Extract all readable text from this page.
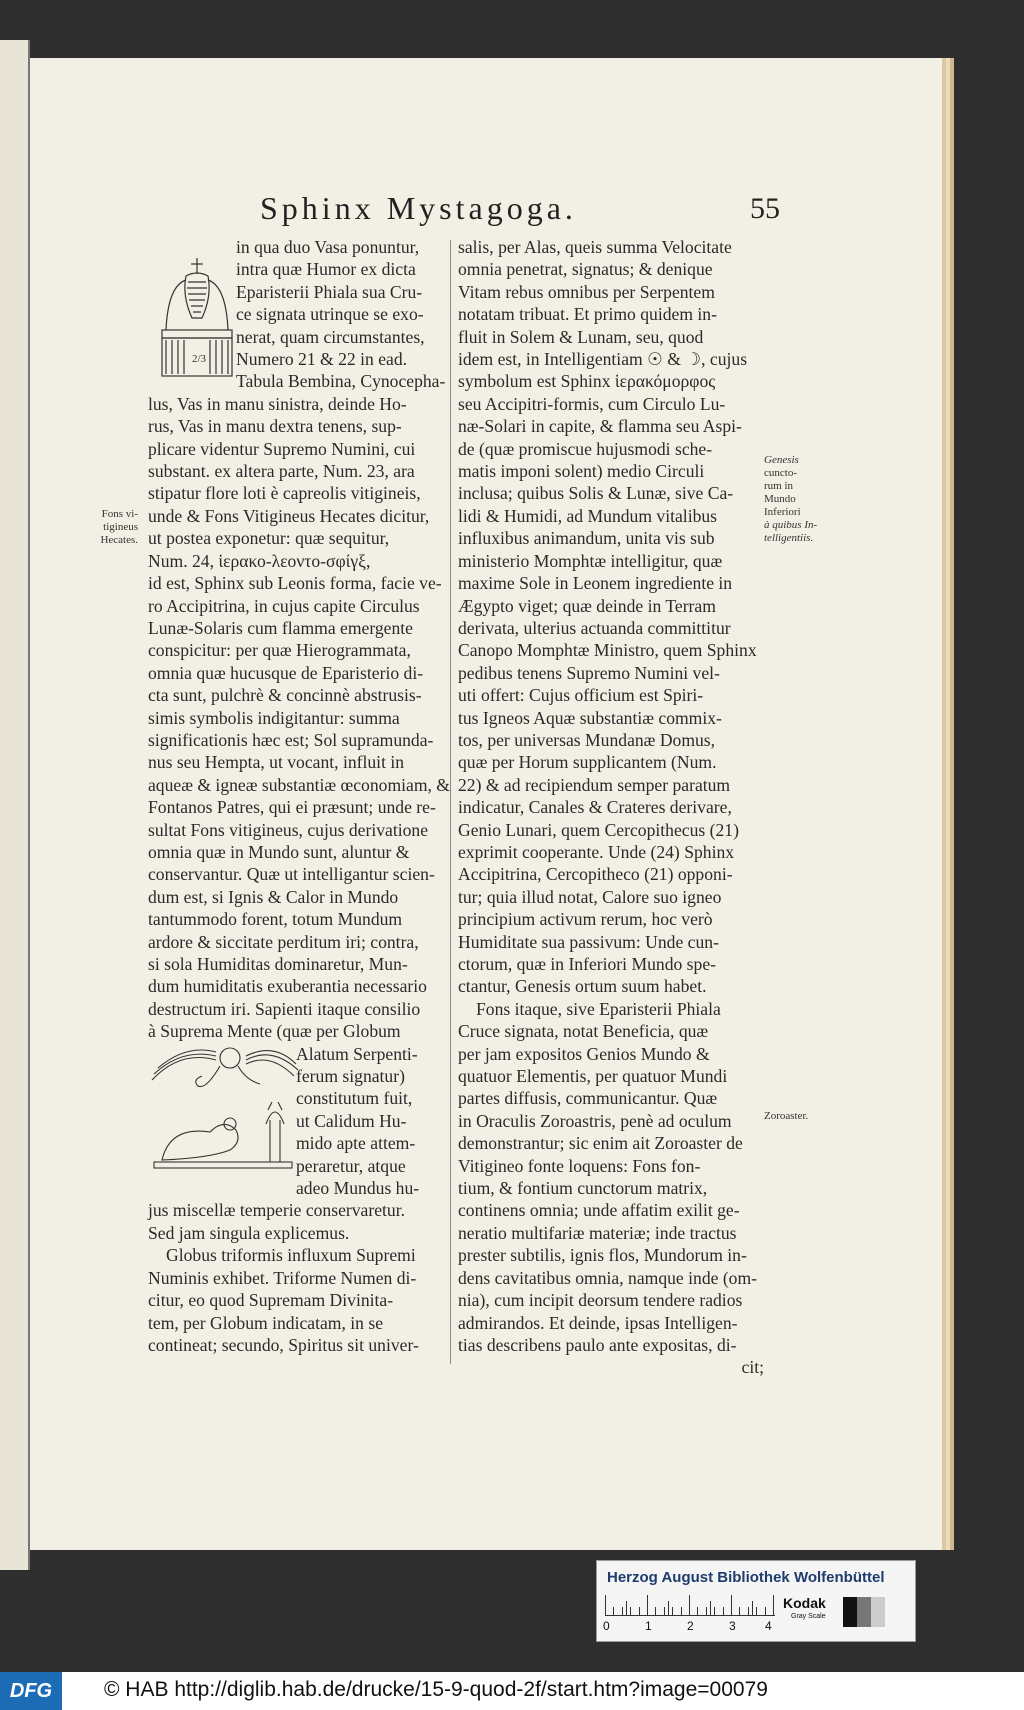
Sphinx Mystagoga.	55
2/3

in qua duo Vasa ponuntur,

intra quæ Humor ex dicta

Eparisterii Phiala sua Cru-

ce signata utrinque se exo-

nerat, quam circumstantes,

Numero 21 & 22 in ead.

Tabula Bembina, Cynocepha-

lus, Vas in manu sinistra, deinde Ho-

rus, Vas in manu dextra tenens, sup-

plicare videntur Supremo Numini, cui

substant. ex altera parte, Num. 23, ara

stipatur flore loti è capreolis vitigineis,

unde & Fons Vitigineus Hecates dicitur,

ut postea exponetur: quæ sequitur,

Num. 24, ἱερακο-λεοντο-σφίγξ,

id est, Sphinx sub Leonis forma, facie ve-

ro Accipitrina, in cujus capite Circulus

Lunæ-Solaris cum flamma emergente

conspicitur: per quæ Hierogrammata,

omnia quæ hucusque de Eparisterio di-

cta sunt, pulchrè & concinnè abstrusis-

simis symbolis indigitantur: summa

significationis hæc est; Sol supramunda-

nus seu Hempta, ut vocant, influit in

aqueæ & igneæ substantiæ œconomiam, &

Fontanos Patres, qui ei præsunt; unde re-

sultat Fons vitigineus, cujus derivatione

omnia quæ in Mundo sunt, aluntur &

conservantur. Quæ ut intelligantur scien-

dum est, si Ignis & Calor in Mundo

tantummodo forent, totum Mundum

ardore & siccitate perditum iri; contra,

si sola Humiditas dominaretur, Mun-

dum humiditatis exuberantia necessario

destructum iri. Sapienti itaque consilio

à Suprema Mente (quæ per Globum

Alatum Serpenti-

ferum signatur)

constitutum fuit,

ut Calidum Hu-

mido apte attem-

peraretur, atque

adeo Mundus hu-

jus miscellæ temperie conservaretur.

Sed jam singula explicemus.

Globus triformis influxum Supremi

Numinis exhibet. Triforme Numen di-

citur, eo quod Supremam Divinita-

tem, per Globum indicatam, in se

contineat; secundo, Spiritus sit univer-

salis, per Alas, queis summa Velocitate

omnia penetrat, signatus; & denique

Vitam rebus omnibus per Serpentem

notatam tribuat. Et primo quidem in-

fluit in Solem & Lunam, seu, quod

idem est, in Intelligentiam ☉ & ☽, cujus

symbolum est Sphinx ἱερακόμορφος

seu Accipitri-formis, cum Circulo Lu-

næ-Solari in capite, & flamma seu Aspi-

de (quæ promiscue hujusmodi sche-

matis imponi solent) medio Circuli

inclusa; quibus Solis & Lunæ, sive Ca-

lidi & Humidi, ad Mundum vitalibus

influxibus animandum, unita vis sub

ministerio Momphtæ intelligitur, quæ

maxime Sole in Leonem ingrediente in

Ægypto viget; quæ deinde in Terram

derivata, ulterius actuanda committitur

Canopo Momphtæ Ministro, quem Sphinx

pedibus tenens Supremo Numini vel-

uti offert: Cujus officium est Spiri-

tus Igneos Aquæ substantiæ commix-

tos, per universas Mundanæ Domus,

quæ per Horum supplicantem (Num.

22) & ad recipiendum semper paratum

indicatur, Canales & Crateres derivare,

Genio Lunari, quem Cercopithecus (21)

exprimit cooperante. Unde (24) Sphinx

Accipitrina, Cercopitheco (21) opponi-

tur; quia illud notat, Calore suo igneo

principium activum rerum, hoc verò

Humiditate sua passivum: Unde cun-

ctorum, quæ in Inferiori Mundo spe-

ctantur, Genesis ortum suum habet.

Fons itaque, sive Eparisterii Phiala

Cruce signata, notat Beneficia, quæ

per jam expositos Genios Mundo &

quatuor Elementis, per quatuor Mundi

partes diffusis, communicantur. Quæ

in Oraculis Zoroastris, penè ad oculum

demonstrantur; sic enim ait Zoroaster de

Vitigineo fonte loquens: Fons fon-

tium, & fontium cunctorum matrix,

continens omnia; unde affatim exilit ge-

neratio multifariæ materiæ; inde tractus

prester subtilis, ignis flos, Mundorum in-

dens cavitatibus omnia, namque inde (om-

nia), cum incipit deorsum tendere radios

admirandos. Et deinde, ipsas Intelligen-

tias describens paulo ante expositas, di-

cit;

Fons vi-

tigineus

Hecates.

Genesis

cuncto-

rum in

Mundo

Inferiori

à quibus In-

telligentiis.

Zoroaster.

Herzog August Bibliothek Wolfenbüttel
0	1	2	3 4
Kodak
Gray Scale
DFG	© HAB http://diglib.hab.de/drucke/15-9-quod-2f/start.htm?image=00079
